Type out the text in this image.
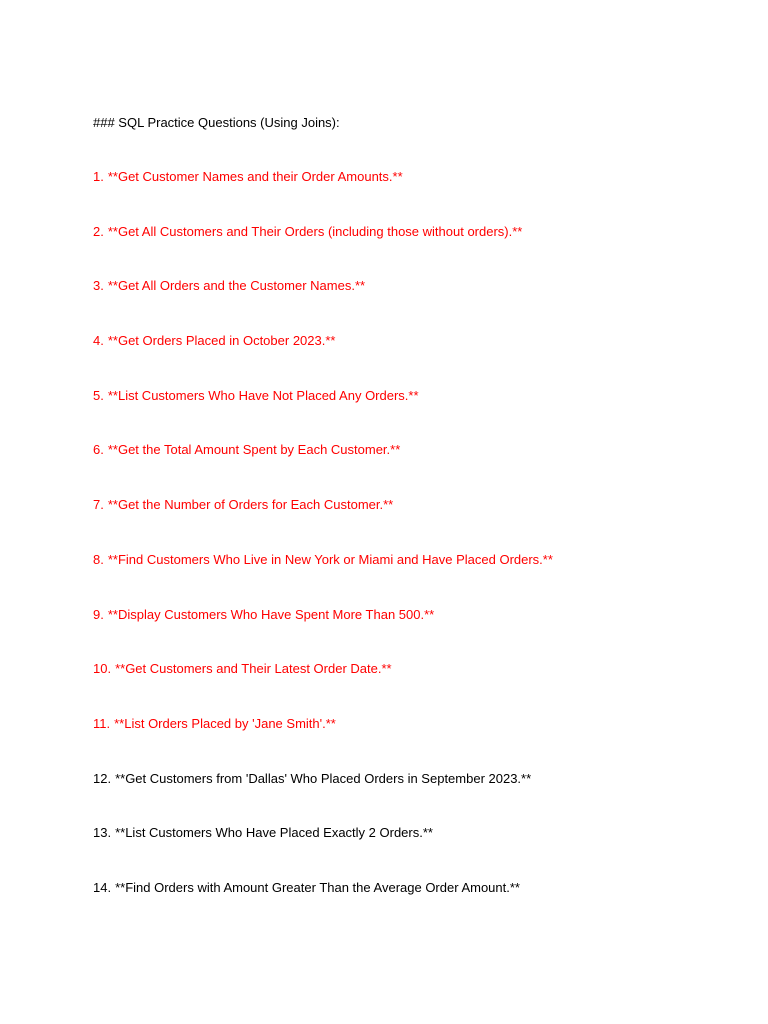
### SQL Practice Questions (Using Joins):
1. **Get Customer Names and their Order Amounts.**
2. **Get All Customers and Their Orders (including those without orders).**
3. **Get All Orders and the Customer Names.**
4. **Get Orders Placed in October 2023.**
5. **List Customers Who Have Not Placed Any Orders.**
6. **Get the Total Amount Spent by Each Customer.**
7. **Get the Number of Orders for Each Customer.**
8. **Find Customers Who Live in New York or Miami and Have Placed Orders.**
9. **Display Customers Who Have Spent More Than 500.**
10. **Get Customers and Their Latest Order Date.**
11. **List Orders Placed by 'Jane Smith'.**
12. **Get Customers from 'Dallas' Who Placed Orders in September 2023.**
13. **List Customers Who Have Placed Exactly 2 Orders.**
14. **Find Orders with Amount Greater Than the Average Order Amount.**
